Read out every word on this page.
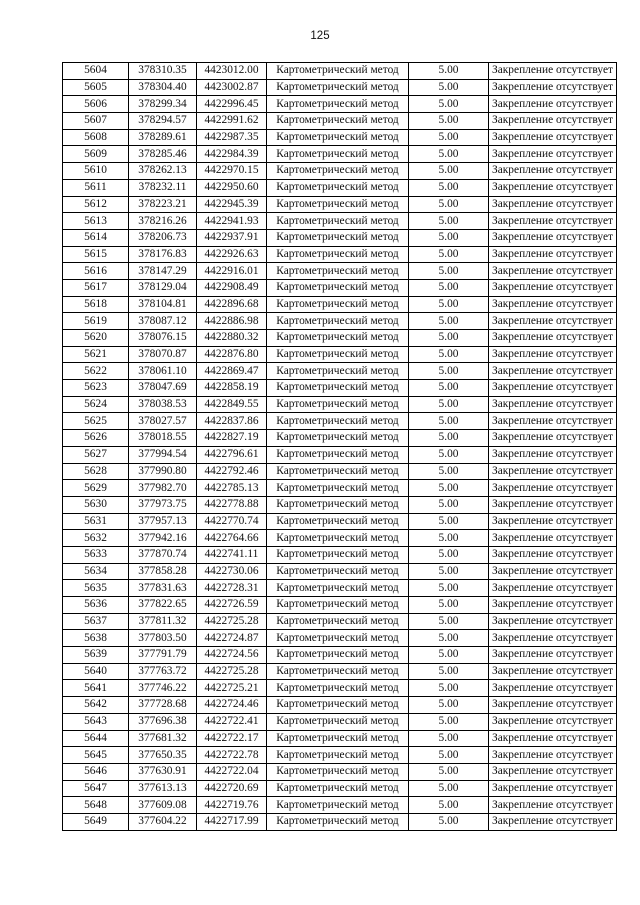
125
5604	378310.35	4423012.00	Картометрический метод	5.00	Закрепление отсутствует
5605	378304.40	4423002.87	Картометрический метод	5.00	Закрепление отсутствует
5606	378299.34	4422996.45	Картометрический метод	5.00	Закрепление отсутствует
5607	378294.57	4422991.62	Картометрический метод	5.00	Закрепление отсутствует
5608	378289.61	4422987.35	Картометрический метод	5.00	Закрепление отсутствует
5609	378285.46	4422984.39	Картометрический метод	5.00	Закрепление отсутствует
5610	378262.13	4422970.15	Картометрический метод	5.00	Закрепление отсутствует
5611	378232.11	4422950.60	Картометрический метод	5.00	Закрепление отсутствует
5612	378223.21	4422945.39	Картометрический метод	5.00	Закрепление отсутствует
5613	378216.26	4422941.93	Картометрический метод	5.00	Закрепление отсутствует
5614	378206.73	4422937.91	Картометрический метод	5.00	Закрепление отсутствует
5615	378176.83	4422926.63	Картометрический метод	5.00	Закрепление отсутствует
5616	378147.29	4422916.01	Картометрический метод	5.00	Закрепление отсутствует
5617	378129.04	4422908.49	Картометрический метод	5.00	Закрепление отсутствует
5618	378104.81	4422896.68	Картометрический метод	5.00	Закрепление отсутствует
5619	378087.12	4422886.98	Картометрический метод	5.00	Закрепление отсутствует
5620	378076.15	4422880.32	Картометрический метод	5.00	Закрепление отсутствует
5621	378070.87	4422876.80	Картометрический метод	5.00	Закрепление отсутствует
5622	378061.10	4422869.47	Картометрический метод	5.00	Закрепление отсутствует
5623	378047.69	4422858.19	Картометрический метод	5.00	Закрепление отсутствует
5624	378038.53	4422849.55	Картометрический метод	5.00	Закрепление отсутствует
5625	378027.57	4422837.86	Картометрический метод	5.00	Закрепление отсутствует
5626	378018.55	4422827.19	Картометрический метод	5.00	Закрепление отсутствует
5627	377994.54	4422796.61	Картометрический метод	5.00	Закрепление отсутствует
5628	377990.80	4422792.46	Картометрический метод	5.00	Закрепление отсутствует
5629	377982.70	4422785.13	Картометрический метод	5.00	Закрепление отсутствует
5630	377973.75	4422778.88	Картометрический метод	5.00	Закрепление отсутствует
5631	377957.13	4422770.74	Картометрический метод	5.00	Закрепление отсутствует
5632	377942.16	4422764.66	Картометрический метод	5.00	Закрепление отсутствует
5633	377870.74	4422741.11	Картометрический метод	5.00	Закрепление отсутствует
5634	377858.28	4422730.06	Картометрический метод	5.00	Закрепление отсутствует
5635	377831.63	4422728.31	Картометрический метод	5.00	Закрепление отсутствует
5636	377822.65	4422726.59	Картометрический метод	5.00	Закрепление отсутствует
5637	377811.32	4422725.28	Картометрический метод	5.00	Закрепление отсутствует
5638	377803.50	4422724.87	Картометрический метод	5.00	Закрепление отсутствует
5639	377791.79	4422724.56	Картометрический метод	5.00	Закрепление отсутствует
5640	377763.72	4422725.28	Картометрический метод	5.00	Закрепление отсутствует
5641	377746.22	4422725.21	Картометрический метод	5.00	Закрепление отсутствует
5642	377728.68	4422724.46	Картометрический метод	5.00	Закрепление отсутствует
5643	377696.38	4422722.41	Картометрический метод	5.00	Закрепление отсутствует
5644	377681.32	4422722.17	Картометрический метод	5.00	Закрепление отсутствует
5645	377650.35	4422722.78	Картометрический метод	5.00	Закрепление отсутствует
5646	377630.91	4422722.04	Картометрический метод	5.00	Закрепление отсутствует
5647	377613.13	4422720.69	Картометрический метод	5.00	Закрепление отсутствует
5648	377609.08	4422719.76	Картометрический метод	5.00	Закрепление отсутствует
5649	377604.22	4422717.99	Картометрический метод	5.00	Закрепление отсутствует
